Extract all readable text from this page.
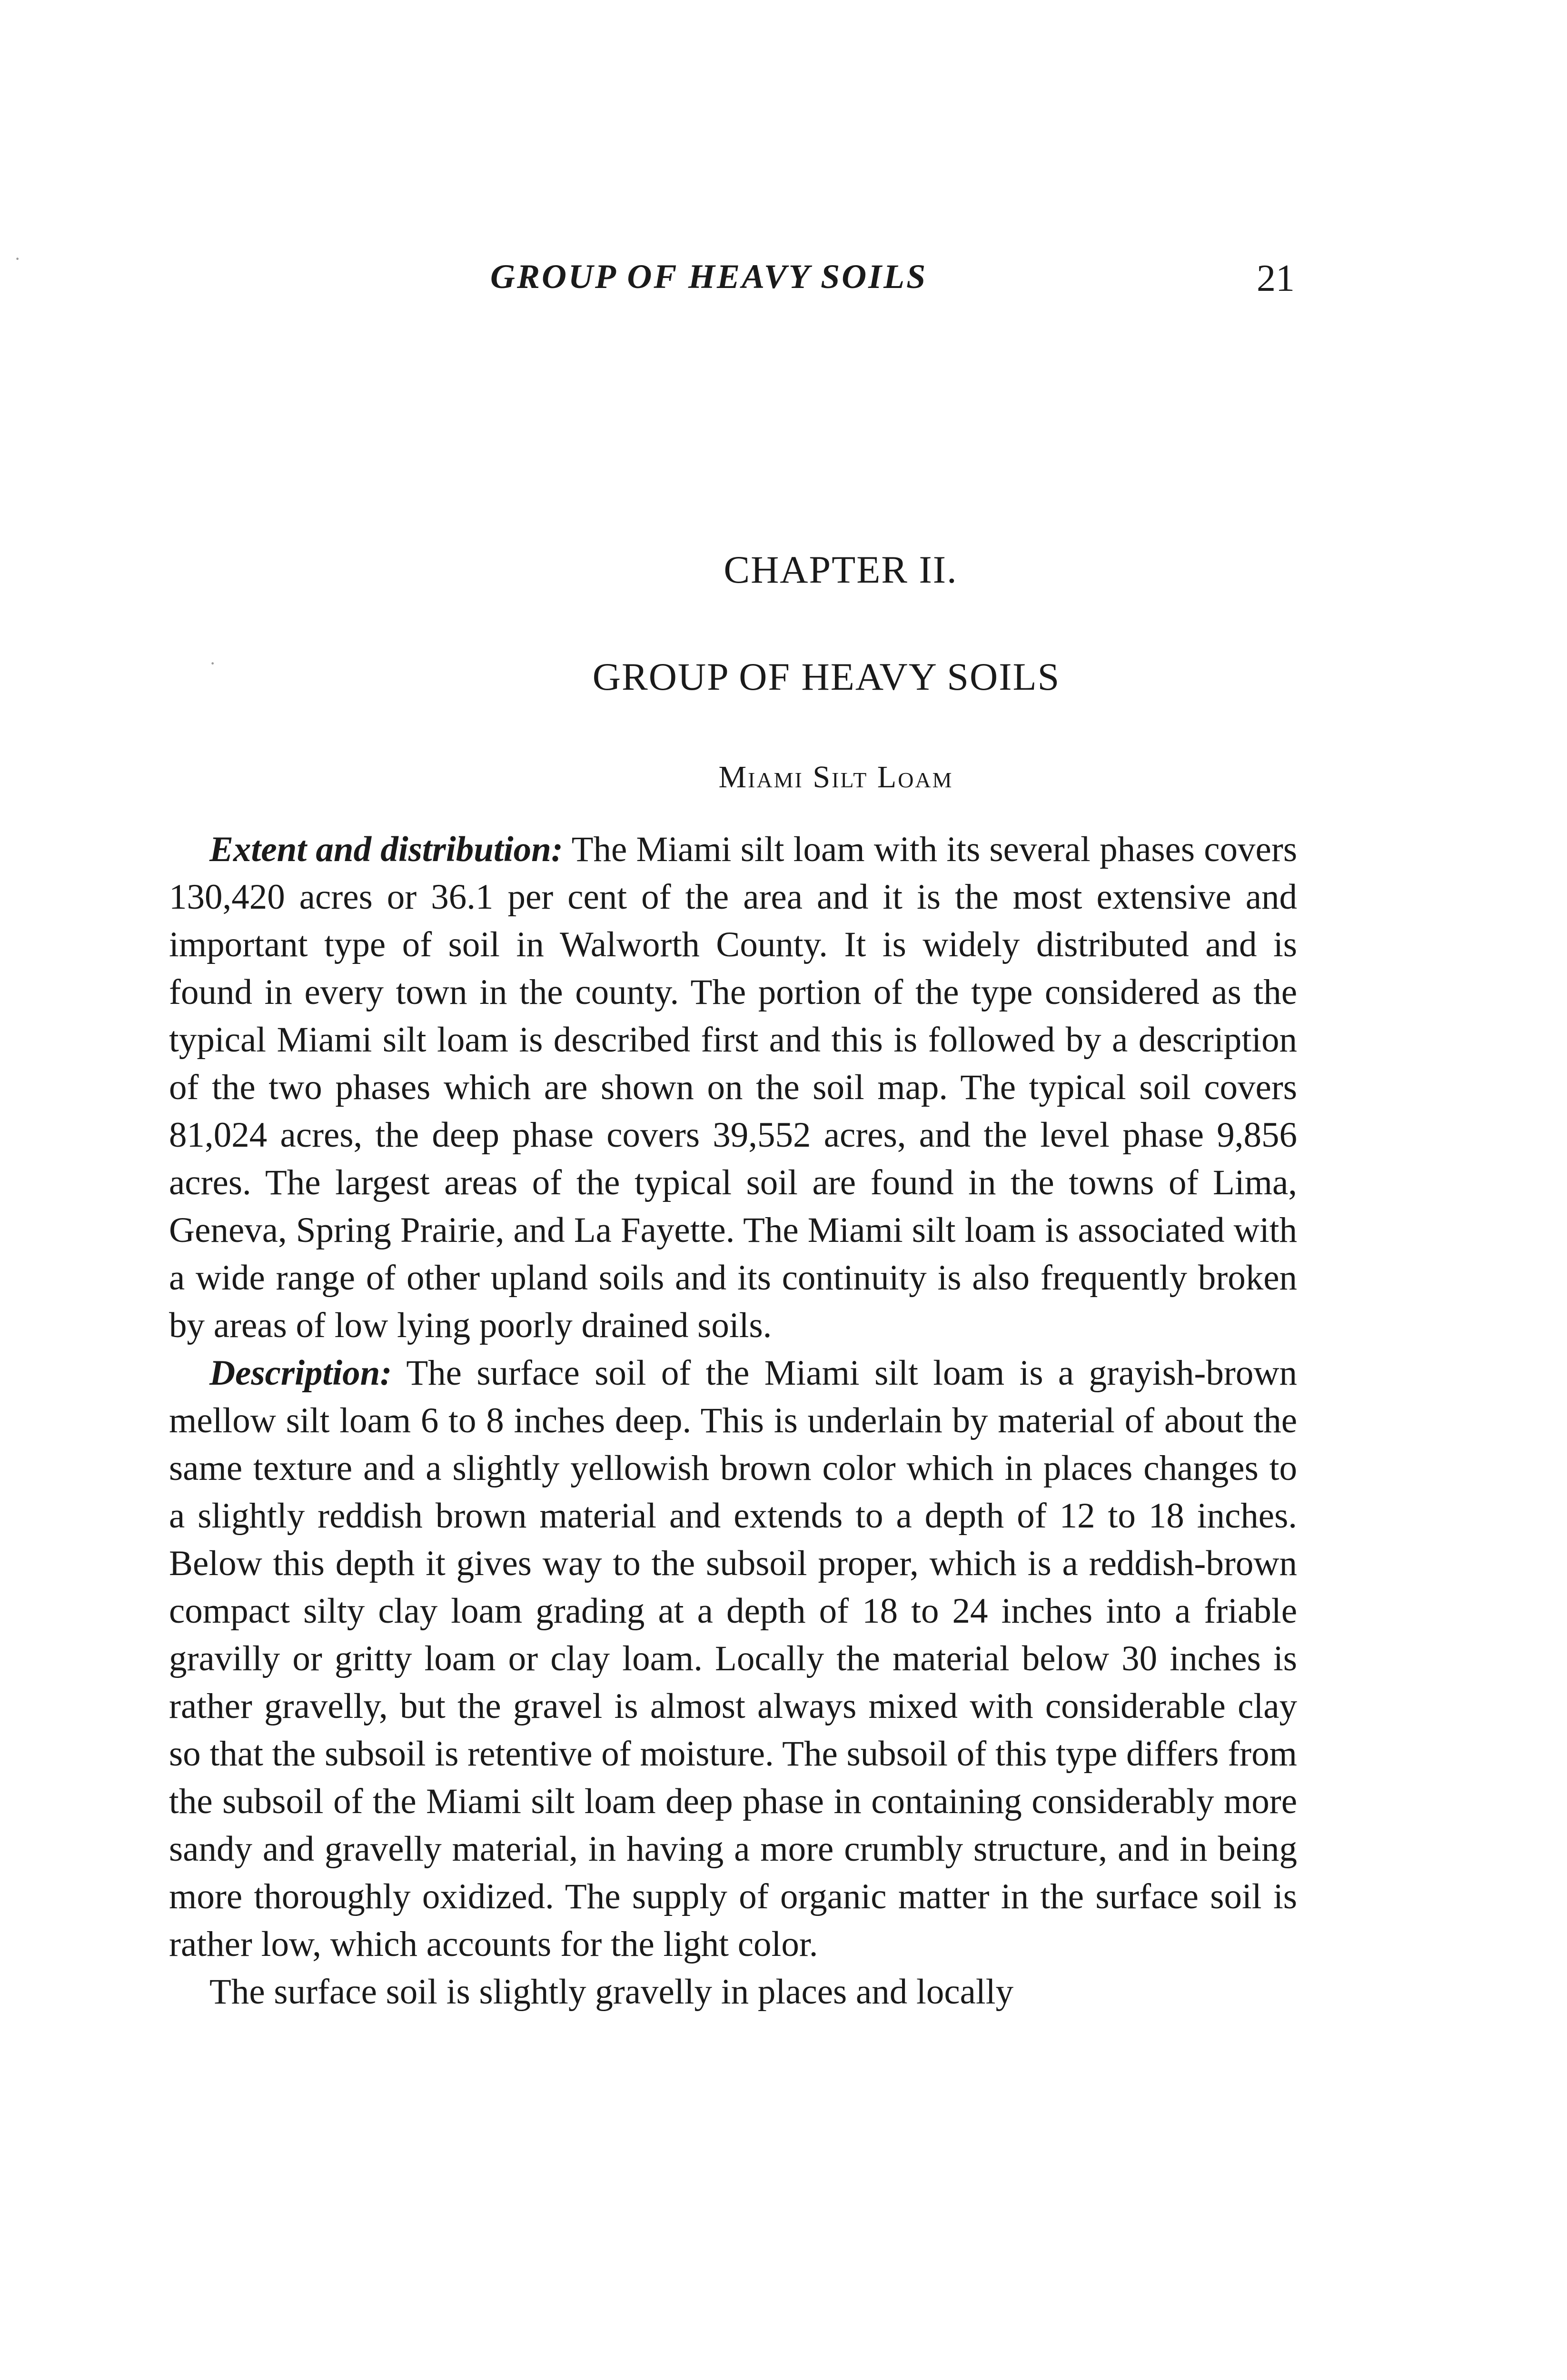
GROUP OF HEAVY SOILS	21
CHAPTER II.
GROUP OF HEAVY SOILS
Miami Silt Loam

Extent and distribution: The Miami silt loam with its several phases covers 130,420 acres or 36.1 per cent of the area and it is the most extensive and important type of soil in Walworth County. It is widely distributed and is found in every town in the county. The portion of the type considered as the typical Miami silt loam is described first and this is followed by a description of the two phases which are shown on the soil map. The typical soil covers 81,024 acres, the deep phase covers 39,552 acres, and the level phase 9,856 acres. The largest areas of the typical soil are found in the towns of Lima, Geneva, Spring Prairie, and La Fayette. The Miami silt loam is associated with a wide range of other upland soils and its continuity is also frequently broken by areas of low lying poorly drained soils.

Description: The surface soil of the Miami silt loam is a grayish-brown mellow silt loam 6 to 8 inches deep. This is underlain by material of about the same texture and a slightly yellowish brown color which in places changes to a slightly reddish brown material and extends to a depth of 12 to 18 inches. Below this depth it gives way to the subsoil proper, which is a reddish-brown compact silty clay loam grading at a depth of 18 to 24 inches into a friable gravilly or gritty loam or clay loam. Locally the material below 30 inches is rather gravelly, but the gravel is almost always mixed with considerable clay so that the subsoil is retentive of moisture. The subsoil of this type differs from the subsoil of the Miami silt loam deep phase in containing considerably more sandy and gravelly material, in having a more crumbly structure, and in being more thoroughly oxidized. The supply of organic matter in the surface soil is rather low, which accounts for the light color.

The surface soil is slightly gravelly in places and locally

·
·
